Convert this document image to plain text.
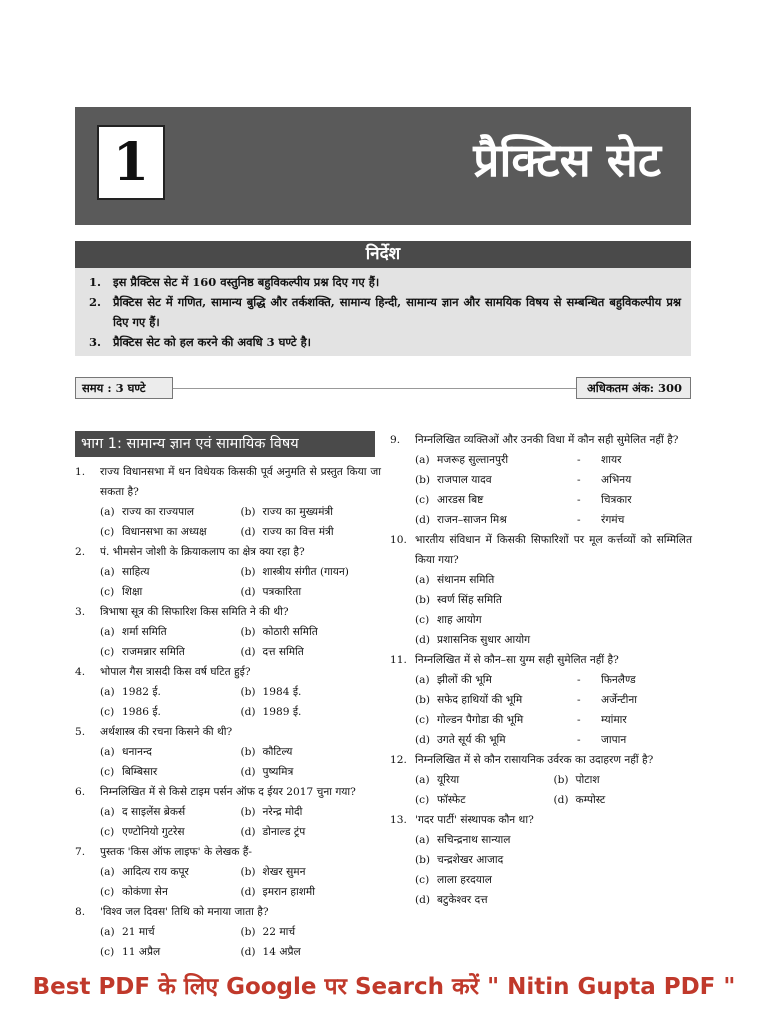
1	प्रैक्टिस सेट
निर्देश
1.	इस प्रैक्टिस सेट में 160 वस्तुनिष्ठ बहुविकल्पीय प्रश्न दिए गए हैं।
2.	प्रैक्टिस सेट में गणित, सामान्य बुद्धि और तर्कशक्ति, सामान्य हिन्दी, सामान्य ज्ञान और सामयिक विषय से सम्बन्धित बहुविकल्पीय प्रश्न दिए गए हैं।
3.	प्रैक्टिस सेट को हल करने की अवधि 3 घण्टे है।
समय : 3 घण्टे	अधिकतम अंक: 300
भाग 1: सामान्य ज्ञान एवं सामायिक विषय
1.	राज्य विधानसभा में धन विधेयक किसकी पूर्व अनुमति से प्रस्तुत किया जा सकता है?
(a) राज्य का राज्यपाल	(b) राज्य का मुख्यमंत्री
(c) विधानसभा का अध्यक्ष	(d) राज्य का वित्त मंत्री
2.	पं. भीमसेन जोशी के क्रियाकलाप का क्षेत्र क्या रहा है?
(a) साहित्य	(b) शास्त्रीय संगीत (गायन)
(c) शिक्षा	(d) पत्रकारिता
3.	त्रिभाषा सूत्र की सिफारिश किस समिति ने की थी?
(a) शर्मा समिति	(b) कोठारी समिति
(c) राजमन्नार समिति	(d) दत्त समिति
4.	भोपाल गैस त्रासदी किस वर्ष घटित हुई?
(a) 1982 ई.	(b) 1984 ई.
(c) 1986 ई.	(d) 1989 ई.
5.	अर्थशास्त्र की रचना किसने की थी?
(a) धनानन्द	(b) कौटिल्य
(c) बिम्बिसार	(d) पुष्यमित्र
6.	निम्नलिखित में से किसे टाइम पर्सन ऑफ द ईयर 2017 चुना गया?
(a) द साइलेंस ब्रेकर्स	(b) नरेन्द्र मोदी
(c) एण्टोनियो गुटरेस	(d) डोनाल्ड ट्रंप
7.	पुस्तक 'किस ऑफ लाइफ' के लेखक हैं-
(a) आदित्य राय कपूर	(b) शेखर सुमन
(c) कोकंणा सेन	(d) इमरान हाशमी
8.	'विश्व जल दिवस' तिथि को मनाया जाता है?
(a) 21 मार्च	(b) 22 मार्च
(c) 11 अप्रैल	(d) 14 अप्रैल
9.	निम्नलिखित व्यक्तिओं और उनकी विधा में कौन सही सुमेलित नहीं है?
(a) मजरूह सुल्तानपुरी	-	शायर
(b) राजपाल यादव	-	अभिनय
(c) आरडस बिष्ट	-	चित्रकार
(d) राजन–साजन मिश्र	-	रंगमंच
10. भारतीय संविधान में किसकी सिफारिशों पर मूल कर्त्तव्यों को सम्मिलित किया गया?
(a) संथानम समिति
(b) स्वर्ण सिंह समिति
(c) शाह आयोग
(d) प्रशासनिक सुधार आयोग
11. निम्नलिखित में से कौन–सा युग्म सही सुमेलित नहीं है?
(a) झीलों की भूमि	-	फिनलैण्ड
(b) सफेद हाथियों की भूमि	-	अर्जेन्टीना
(c) गोल्डन पैगोडा की भूमि	-	म्यांमार
(d) उगते सूर्य की भूमि	-	जापान
12. निम्नलिखित में से कौन रासायनिक उर्वरक का उदाहरण नहीं है?
(a) यूरिया	(b) पोटाश
(c) फॉस्फेट	(d) कम्पोस्ट
13. 'गदर पार्टी' संस्थापक कौन था?
(a) सचिन्द्रनाथ सान्याल
(b) चन्द्रशेखर आजाद
(c) लाला हरदयाल
(d) बटुकेश्वर दत्त
Best PDF के लिए Google पर Search करें " Nitin Gupta PDF "
